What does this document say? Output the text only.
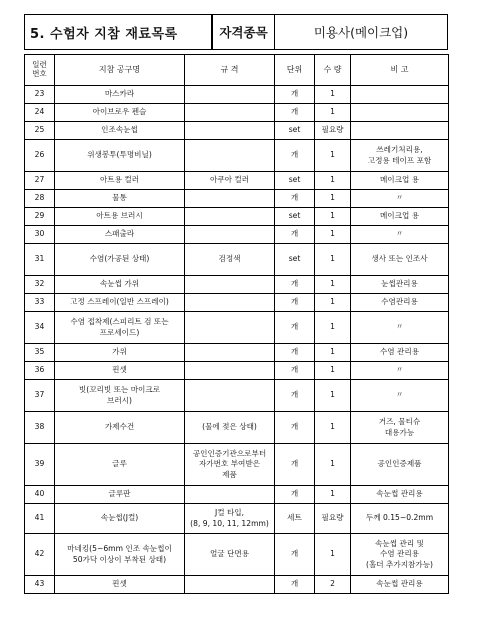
5. 수험자 지참 재료목록	자격종목	미용사(메이크업)
일련
번호	지참 공구명	규 격	단위	수 량	비 고
23	마스카라		개	1	
24	아이브로우 펜슬		개	1	
25	인조속눈썹		set	필요량	
26	위생봉투(투명비닐)		개	1	쓰레기처리용,
고정용 테이프 포함
27	아트용 컬러	아쿠아 컬러	set	1	메이크업 용
28	물통		개	1	〃
29	아트용 브러시		set	1	메이크업 용
30	스패출라		개	1	〃
31	수염(가공된 상태)	검정색	set	1	생사 또는 인조사
32	속눈썹 가위		개	1	눈썹관리용
33	고정 스프레이(일반 스프레이)		개	1	수염관리용
34	수염 접착제(스피리트 검 또는
프로세이드)		개	1	〃
35	가위		개	1	수염 관리용
36	핀셋		개	1	〃
37	빗(꼬리빗 또는 마이크로
브러시)		개	1	〃
38	가제수건	(물에 젖은 상태)	개	1	거즈, 물티슈
대용가능
39	글루	공인인증기관으로부터
자가번호 부여받은
제품	개	1	공인인증제품
40	글루판		개	1	속눈썹 관리용
41	속눈썹(J컬)	J컬 타입,
(8, 9, 10, 11, 12mm)	세트	필요량	두께 0.15~0.2mm
42	마네킹(5~6mm 인조 속눈썹이
50가닥 이상이 부착된 상태)	얼굴 단면용	개	1	속눈썹 관리 및
수염 관리용
(홀더 추가지참가능)
43	핀셋		개	2	속눈썹 관리용
